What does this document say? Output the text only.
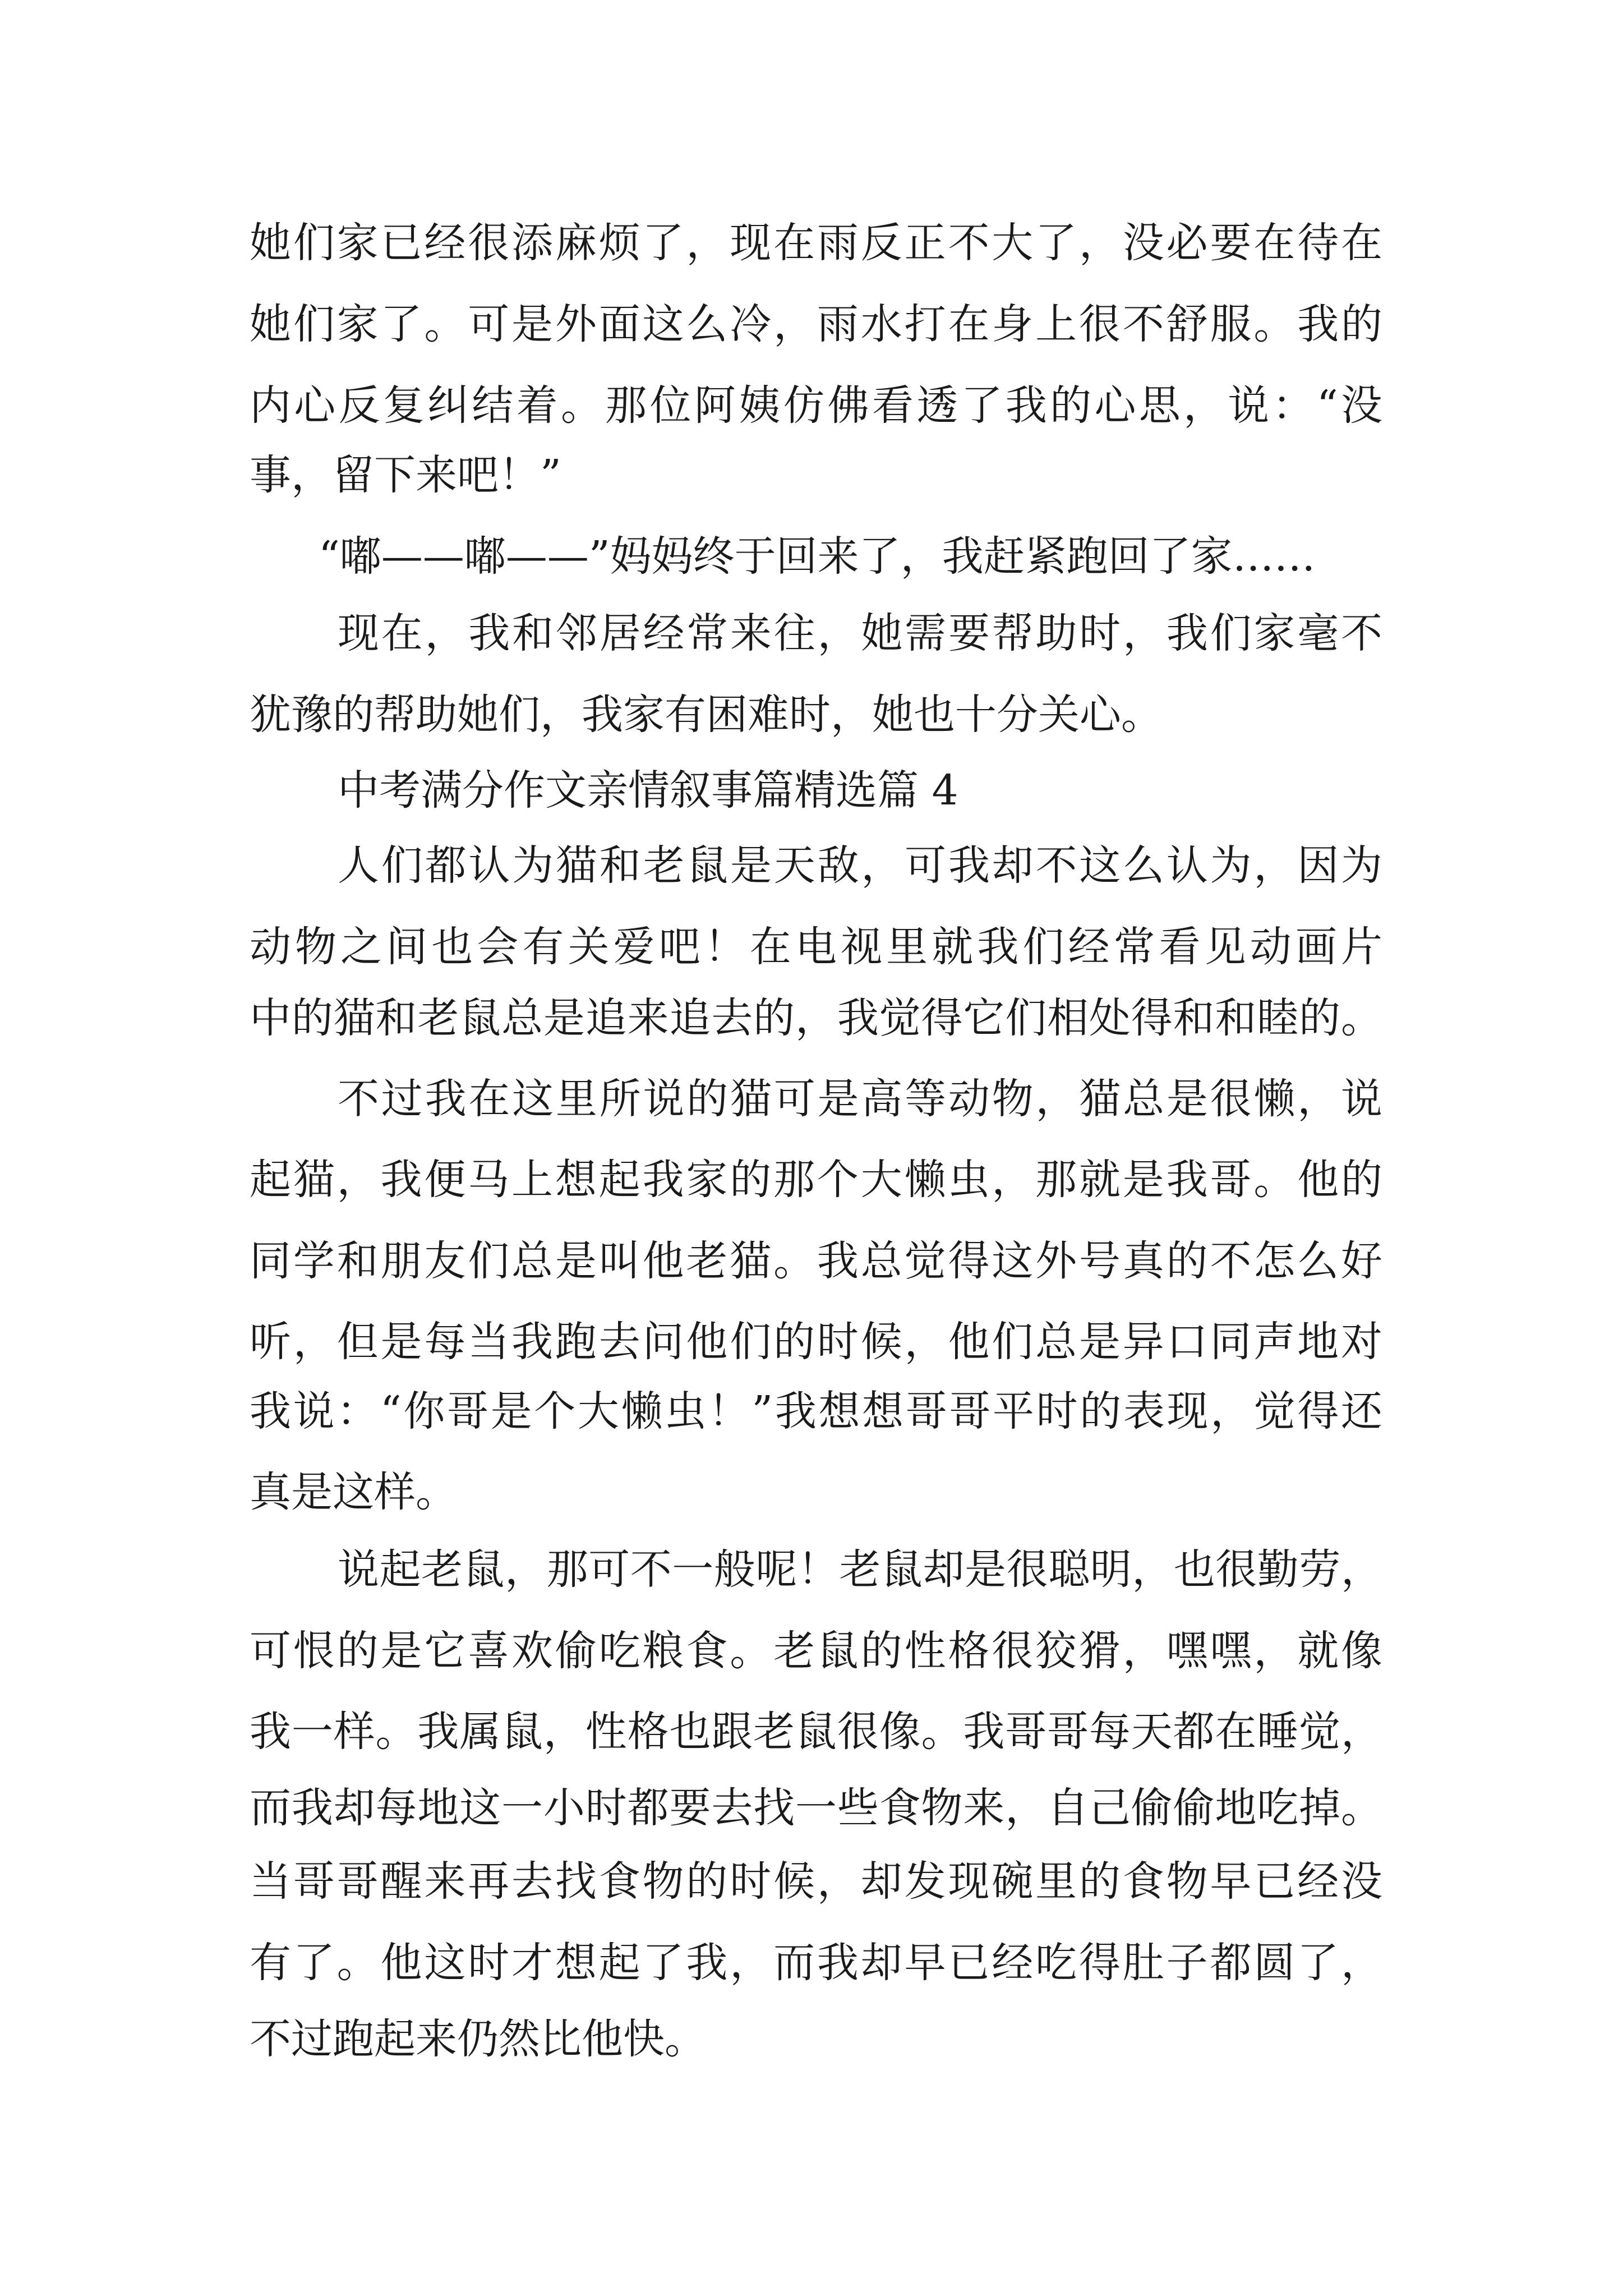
她们家已经很添麻烦了，现在雨反正不大了，没必要在待在
她们家了。可是外面这么冷，雨水打在身上很不舒服。我的
内心反复纠结着。那位阿姨仿佛看透了我的心思，说：“没
事，留下来吧！”
“嘟——嘟——”妈妈终于回来了，我赶紧跑回了家……
现在，我和邻居经常来往，她需要帮助时，我们家毫不
犹豫的帮助她们，我家有困难时，她也十分关心。
中考满分作文亲情叙事篇精选篇 4
人们都认为猫和老鼠是天敌，可我却不这么认为，因为
动物之间也会有关爱吧！在电视里就我们经常看见动画片
中的猫和老鼠总是追来追去的，我觉得它们相处得和和睦的。
不过我在这里所说的猫可是高等动物，猫总是很懒，说
起猫，我便马上想起我家的那个大懒虫，那就是我哥。他的
同学和朋友们总是叫他老猫。我总觉得这外号真的不怎么好
听，但是每当我跑去问他们的时候，他们总是异口同声地对
我说：“你哥是个大懒虫！”我想想哥哥平时的表现，觉得还
真是这样。
说起老鼠，那可不一般呢！老鼠却是很聪明，也很勤劳，
可恨的是它喜欢偷吃粮食。老鼠的性格很狡猾，嘿嘿，就像
我一样。我属鼠，性格也跟老鼠很像。我哥哥每天都在睡觉，
而我却每地这一小时都要去找一些食物来，自己偷偷地吃掉。
当哥哥醒来再去找食物的时候，却发现碗里的食物早已经没
有了。他这时才想起了我，而我却早已经吃得肚子都圆了，
不过跑起来仍然比他快。
